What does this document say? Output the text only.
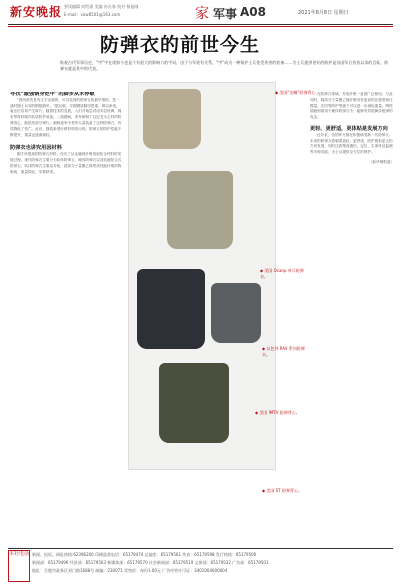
新安晚报 要读编辑 何绍嘉 美编 孙长春 校对 杨祖刚
E-mail：xaw8501@163.com	家 军事 A08	2021年8月8日 星期日
防弹衣的前世今生
纵观古代军事历史，“甲”字在现如今也是个有很大的影响力的字词，由于与军装有关系，“甲”成为一种保护士兵免受伤害的装备……为士兵提供更好的防护是各国军方孜孜以求的目标，防弹衣就是其中的代表。
寻找“最强钢身铠甲”的脚步从未停歇

“我所说的是有文字记载的，可以见到的防弹衣的最早雏形，是一战时期士兵穿的钢板胸甲。”据记载，早期钢质胸甲很重，难以承受，射击后容易产生碎片。随着技术的发展，人们开始尝试用多层丝绸、棉布等材料制作软质防护装备。二战期间，美军研制了以尼龙为主材的防弹背心，能抵挡部分弹片。朝鲜战争中美军大量装备了这种防弹衣，有效降低了伤亡。此后，随着新型纤维材料的出现，防弹衣的防护性能不断提升，重量也逐渐减轻。

防弹衣也讲究用因材料

刚才所提到的防弹衣材料，经历了从金属到纤维再到复合材料的发展过程。现代防弹衣主要分为软体防弹衣、硬体防弹衣以及软硬复合式防弹衣。软体防弹衣主要由芳纶、超高分子量聚乙烯等高性能纤维织物制成，重量较轻，穿着舒适。

◆ 美国“龙鳞”防弹背心
◆ 美国 Ocanp 单兵防弹衣。
◆ 以色列 RAV 系列防弹衣。
◆ 美国 IMTV 防弹背心。
◆ 美国 ST 防弹背心。

在防弹衣领域，芳纶纤维一直被广泛使用。与此同时，超高分子量聚乙烯纤维具有更高的比强度和比模量，在同等防护等级下可以进一步减轻重量。陶瓷插板则被用于硬体防弹衣中，能够有效抵御步枪弹的攻击。

更轻、更舒适，更体贴是发展方向

近年来，各国军方都在积极研发新一代防弹衣。未来的防弹衣将朝着更轻、更舒适、防护面积更大的方向发展，同时还将集成通信、定位、生命体征监测等多种功能，为士兵提供全方位的保护。

（新华网报道）
本社电话 新闻、投诉、网址热线:62396200 印刷监督电话：65179474 总编室：65179561 传真：65179598 发行热线：65179500
新闻部：65179496 经济部：65179563 新媒体部：65179570 社会新闻部：65179519 文体部：65179532 广告部：65179503
地址：合肥市政务区祁门路1688号 邮编：230071 零售价：每份1.00元 广告经营许可证：3401004000004
